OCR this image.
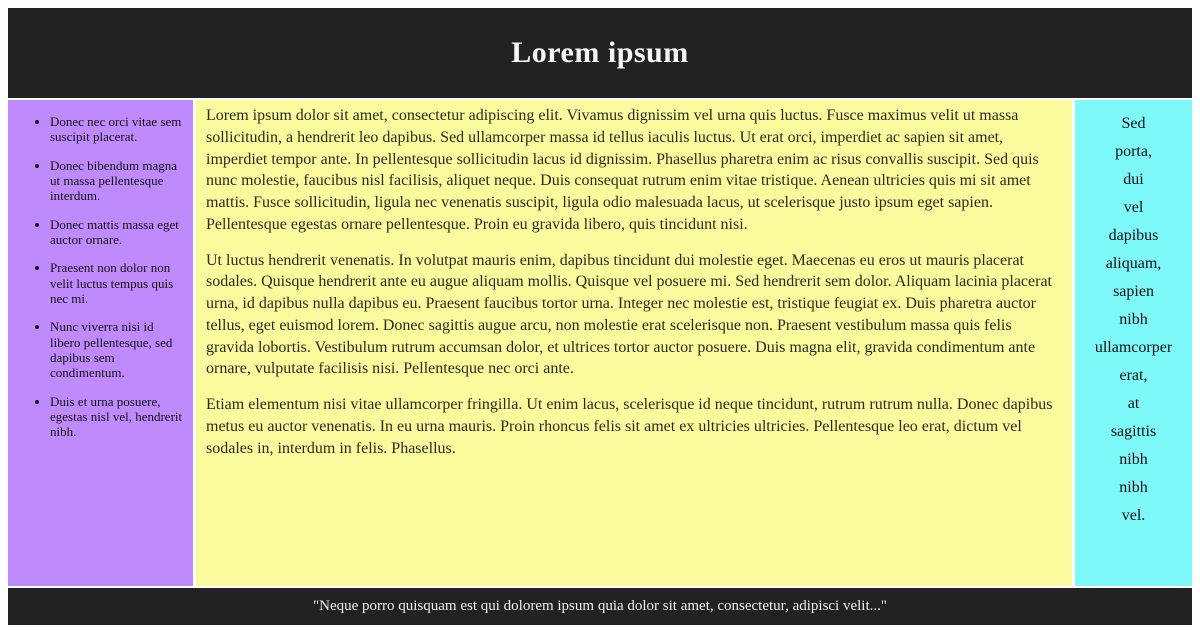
Lorem ipsum
• Donec nec orci vitae sem suscipit placerat.
• Donec bibendum magna ut massa pellentesque interdum.
• Donec mattis massa eget auctor ornare.
• Praesent non dolor non velit luctus tempus quis nec mi.
• Nunc viverra nisi id libero pellentesque, sed dapibus sem condimentum.
• Duis et urna posuere, egestas nisl vel, hendrerit nibh.

Lorem ipsum dolor sit amet, consectetur adipiscing elit. Vivamus dignissim vel urna quis luctus. Fusce maximus velit ut massa sollicitudin, a hendrerit leo dapibus. Sed ullamcorper massa id tellus iaculis luctus. Ut erat orci, imperdiet ac sapien sit amet, imperdiet tempor ante. In pellentesque sollicitudin lacus id dignissim. Phasellus pharetra enim ac risus convallis suscipit. Sed quis nunc molestie, faucibus nisl facilisis, aliquet neque. Duis consequat rutrum enim vitae tristique. Aenean ultricies quis mi sit amet mattis. Fusce sollicitudin, ligula nec venenatis suscipit, ligula odio malesuada lacus, ut scelerisque justo ipsum eget sapien. Pellentesque egestas ornare pellentesque. Proin eu gravida libero, quis tincidunt nisi.

Ut luctus hendrerit venenatis. In volutpat mauris enim, dapibus tincidunt dui molestie eget. Maecenas eu eros ut mauris placerat sodales. Quisque hendrerit ante eu augue aliquam mollis. Quisque vel posuere mi. Sed hendrerit sem dolor. Aliquam lacinia placerat urna, id dapibus nulla dapibus eu. Praesent faucibus tortor urna. Integer nec molestie est, tristique feugiat ex. Duis pharetra auctor tellus, eget euismod lorem. Donec sagittis augue arcu, non molestie erat scelerisque non. Praesent vestibulum massa quis felis gravida lobortis. Vestibulum rutrum accumsan dolor, et ultrices tortor auctor posuere. Duis magna elit, gravida condimentum ante ornare, vulputate facilisis nisi. Pellentesque nec orci ante.

Etiam elementum nisi vitae ullamcorper fringilla. Ut enim lacus, scelerisque id neque tincidunt, rutrum rutrum nulla. Donec dapibus metus eu auctor venenatis. In eu urna mauris. Proin rhoncus felis sit amet ex ultricies ultricies. Pellentesque leo erat, dictum vel sodales in, interdum in felis. Phasellus.

Sed
porta,
dui
vel
dapibus
aliquam,
sapien
nibh
ullamcorper
erat,
at
sagittis
nibh
nibh
vel.

"Neque porro quisquam est qui dolorem ipsum quia dolor sit amet, consectetur, adipisci velit..."
